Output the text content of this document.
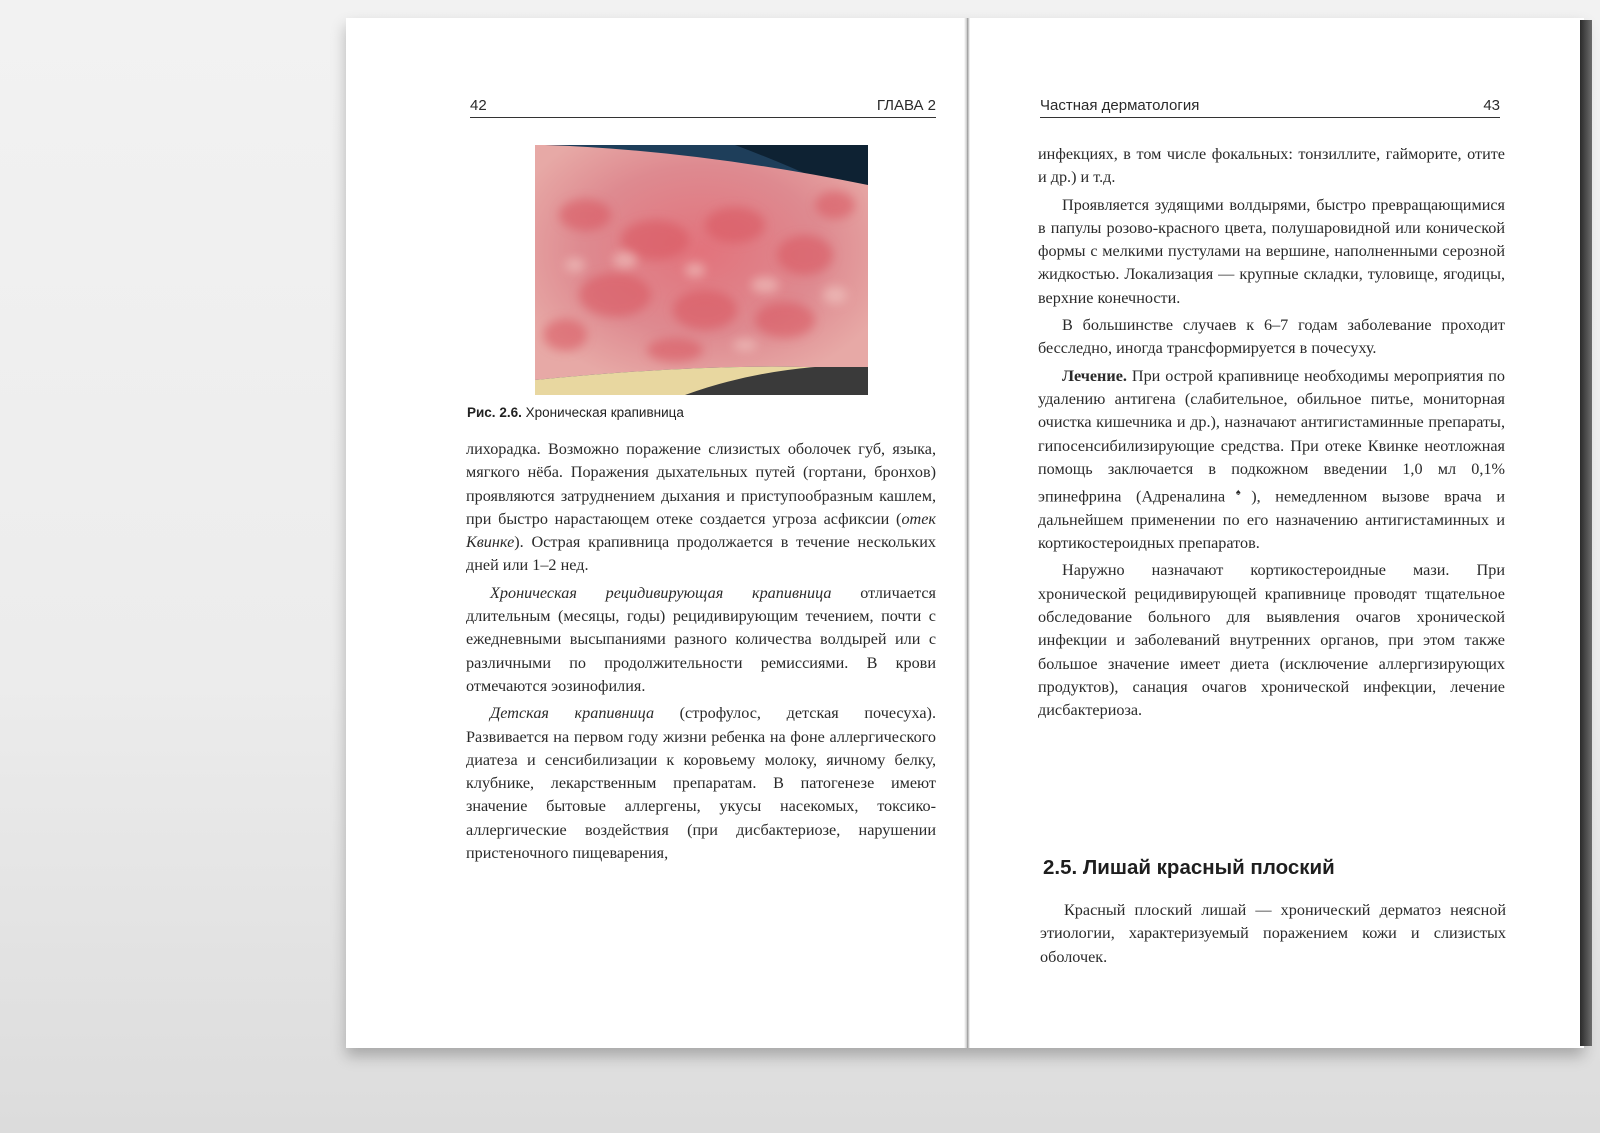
42	ГЛАВА 2	Частная дерматология	43
Рис. 2.6. Хроническая крапивница

лихорадка. Возможно поражение слизистых оболочек губ, языка, мягкого нёба. Поражения дыхательных путей (гортани, бронхов) проявляются затруднением дыхания и приступообразным кашлем, при быстро нарастающем отеке создается угроза асфиксии (отек Квинке). Острая крапивница продолжается в течение нескольких дней или 1–2 нед.

Хроническая рецидивирующая крапивница отличается длительным (месяцы, годы) рецидивирующим течением, почти с ежедневными высыпаниями разного количества волдырей или с различными по продолжительности ремиссиями. В крови отмечаются эозинофилия.

Детская крапивница (строфулос, детская почесуха). Развивается на первом году жизни ребенка на фоне аллергического диатеза и сенсибилизации к коровьему молоку, яичному белку, клубнике, лекарственным препаратам. В патогенезе имеют значение бытовые аллергены, укусы насекомых, токсико-аллергические воздействия (при дисбактериозе, нарушении пристеночного пищеварения,

инфекциях, в том числе фокальных: тонзиллите, гайморите, отите и др.) и т.д.

Проявляется зудящими волдырями, быстро превращающимися в папулы розово-красного цвета, полушаровидной или конической формы с мелкими пустулами на вершине, наполненными серозной жидкостью. Локализация — крупные складки, туловище, ягодицы, верхние конечности.

В большинстве случаев к 6–7 годам заболевание проходит бесследно, иногда трансформируется в почесуху.

Лечение. При острой крапивнице необходимы мероприятия по удалению антигена (слабительное, обильное питье, мониторная очистка кишечника и др.), назначают антигистаминные препараты, гипосенсибилизирующие средства. При отеке Квинке неотложная помощь заключается в подкожном введении 1,0 мл 0,1% эпинефрина (Адреналина♠), немедленном вызове врача и дальнейшем применении по его назначению антигистаминных и кортикостероидных препаратов.

Наружно назначают кортикостероидные мази. При хронической рецидивирующей крапивнице проводят тщательное обследование больного для выявления очагов хронической инфекции и заболеваний внутренних органов, при этом также большое значение имеет диета (исключение аллергизирующих продуктов), санация очагов хронической инфекции, лечение дисбактериоза.

2.5. Лишай красный плоский

Красный плоский лишай — хронический дерматоз неясной этиологии, характеризуемый поражением кожи и слизистых оболочек.
